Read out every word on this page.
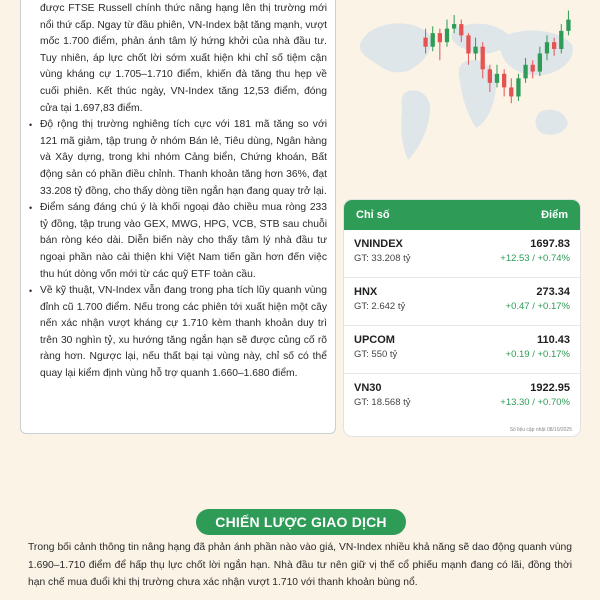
được FTSE Russell chính thức nâng hạng lên thị trường mới nổi thứ cấp. Ngay từ đầu phiên, VN-Index bật tăng mạnh, vượt mốc 1.700 điểm, phản ánh tâm lý hứng khởi của nhà đầu tư. Tuy nhiên, áp lực chốt lời sớm xuất hiện khi chỉ số tiệm cận vùng kháng cự 1.705–1.710 điểm, khiến đà tăng thu hẹp về cuối phiên. Kết thúc ngày, VN-Index tăng 12,53 điểm, đóng cửa tại 1.697,83 điểm.
• Độ rộng thị trường nghiêng tích cực với 181 mã tăng so với 121 mã giảm, tập trung ở nhóm Bán lẻ, Tiêu dùng, Ngân hàng và Xây dựng, trong khi nhóm Cảng biển, Chứng khoán, Bất động sản có phần điều chỉnh. Thanh khoản tăng hơn 36%, đạt 33.208 tỷ đồng, cho thấy dòng tiền ngắn hạn đang quay trở lại.
• Điểm sáng đáng chú ý là khối ngoại đảo chiều mua ròng 233 tỷ đồng, tập trung vào GEX, MWG, HPG, VCB, STB sau chuỗi bán ròng kéo dài. Diễn biến này cho thấy tâm lý nhà đầu tư ngoại phần nào cải thiện khi Việt Nam tiến gần hơn đến việc thu hút dòng vốn mới từ các quỹ ETF toàn cầu.
• Về kỹ thuật, VN-Index vẫn đang trong pha tích lũy quanh vùng đỉnh cũ 1.700 điểm. Nếu trong các phiên tới xuất hiện một cây nến xác nhận vượt kháng cự 1.710 kèm thanh khoản duy trì trên 30 nghìn tỷ, xu hướng tăng ngắn hạn sẽ được củng cố rõ ràng hơn. Ngược lại, nếu thất bại tại vùng này, chỉ số có thể quay lại kiểm định vùng hỗ trợ quanh 1.660–1.680 điểm.
Chỉ số	Điểm
VNINDEX
GT: 33.208 tỷ
1697.83
+12.53 / +0.74%
HNX
GT: 2.642 tỷ
273.34
+0.47 / +0.17%
UPCOM
GT: 550 tỷ
110.43
+0.19 / +0.17%
VN30
GT: 18.568 tỷ
1922.95
+13.30 / +0.70%
Số liệu cập nhật 08/10/2025
CHIẾN LƯỢC GIAO DỊCH
Trong bối cảnh thông tin nâng hạng đã phản ánh phần nào vào giá, VN-Index nhiều khả năng sẽ dao động quanh vùng 1.690–1.710 điểm để hấp thụ lực chốt lời ngắn hạn. Nhà đầu tư nên giữ vị thế cổ phiếu mạnh đang có lãi, đồng thời hạn chế mua đuổi khi thị trường chưa xác nhận vượt 1.710 với thanh khoản bùng nổ.
